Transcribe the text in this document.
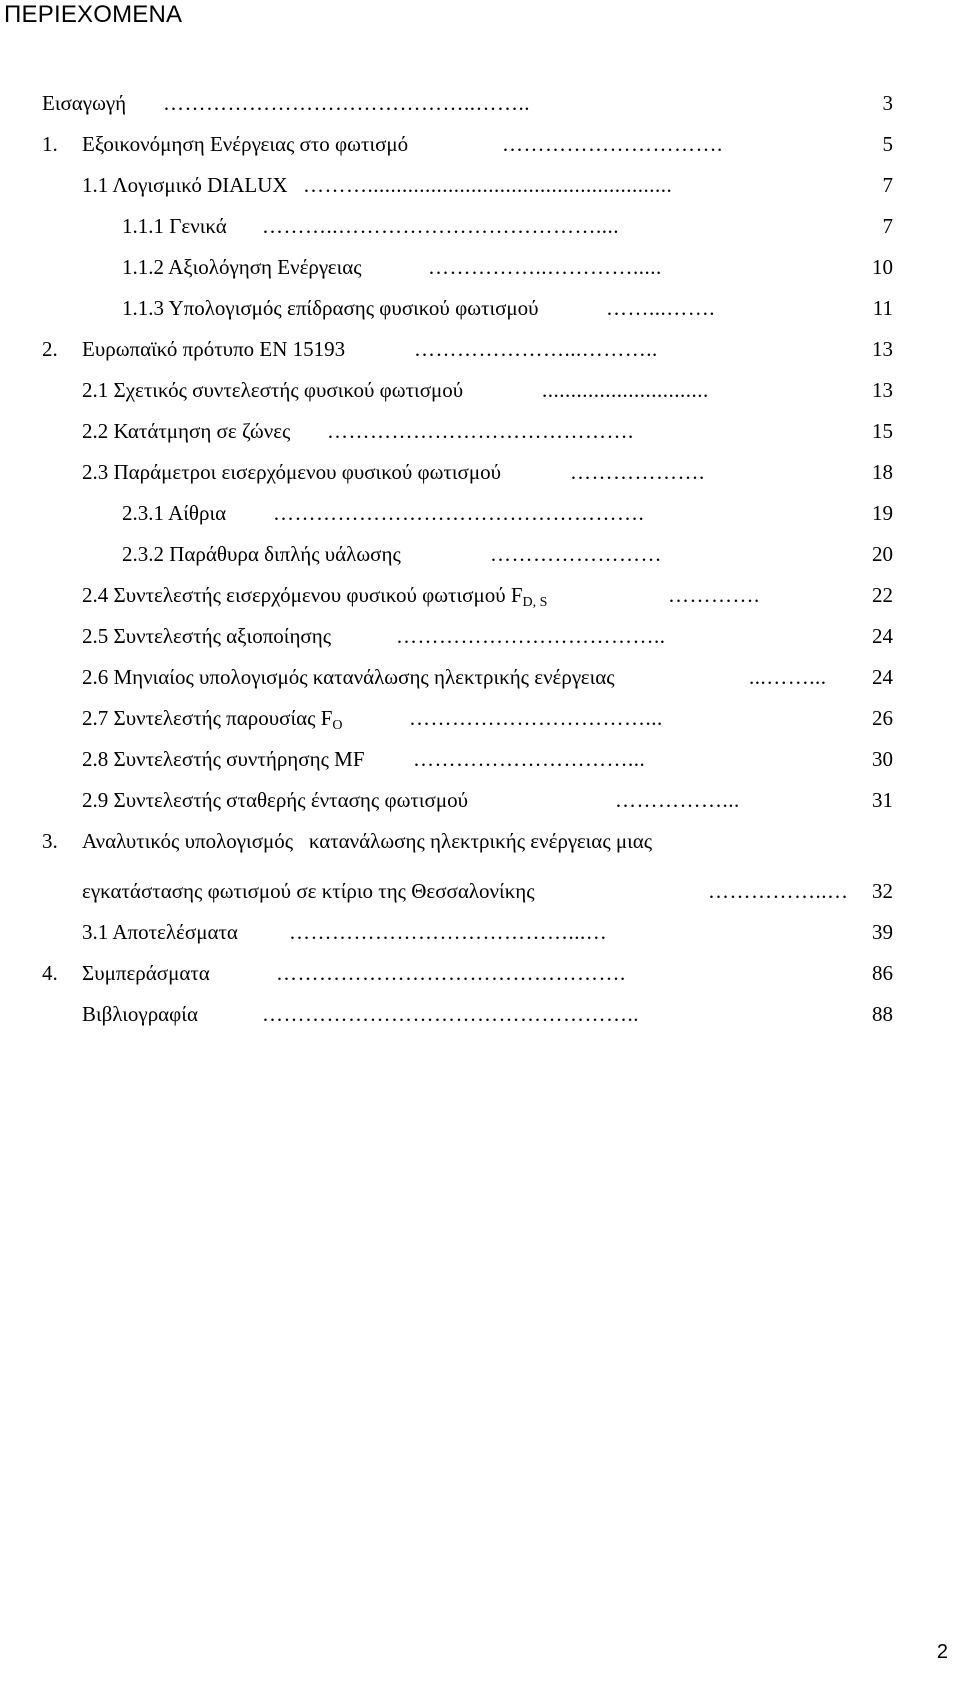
ΠΕΡΙΕΧΟΜΕΝΑ
Εισαγωγή ……………………………………..……..	3
1. Εξοικονόμηση Ενέργειας στο φωτισμό	………………………….	5
1.1 Λογισμικό DIALUX ……….....................................................	7
1.1.1 Γενικά ………..………………………………....	7
1.1.2 Αξιολόγηση Ενέργειας	……………..………….....	10
1.1.3 Υπολογισμός επίδρασης φυσικού φωτισμού	……...…….	11
2. Ευρωπαϊκό πρότυπο ΕΝ 15193	…………………...………..	13
2.1 Σχετικός συντελεστής φυσικού φωτισμού	.............................	13
2.2 Κατάτμηση σε ζώνες …………………………………….	15
2.3 Παράμετροι εισερχόμενου φυσικού φωτισμού	……………….	18
2.3.1 Αίθρια …………………………………………….	19
2.3.2 Παράθυρα διπλής υάλωσης	……………………	20
2.4 Συντελεστής εισερχόμενου φυσικού φωτισμού FD, S	………….	22
2.5 Συντελεστής αξιοποίησης	………………………………..	24
2.6 Μηνιαίος υπολογισμός κατανάλωσης ηλεκτρικής ενέργειας	...……...	24
2.7 Συντελεστής παρουσίας FO	……………………………...	26
2.8 Συντελεστής συντήρησης MF …………………………...	30
2.9 Συντελεστής σταθερής έντασης φωτισμού	……………...	31
3. Αναλυτικός υπολογισμός   κατανάλωσης ηλεκτρικής ενέργειας μιας
εγκατάστασης φωτισμού σε κτίριο της Θεσσαλονίκης	……………..…	32
3.1 Αποτελέσματα …………………………………...…	39
4. Συμπεράσματα	………………………………………….	86
Βιβλιογραφία	……………………………………………..	88
2
